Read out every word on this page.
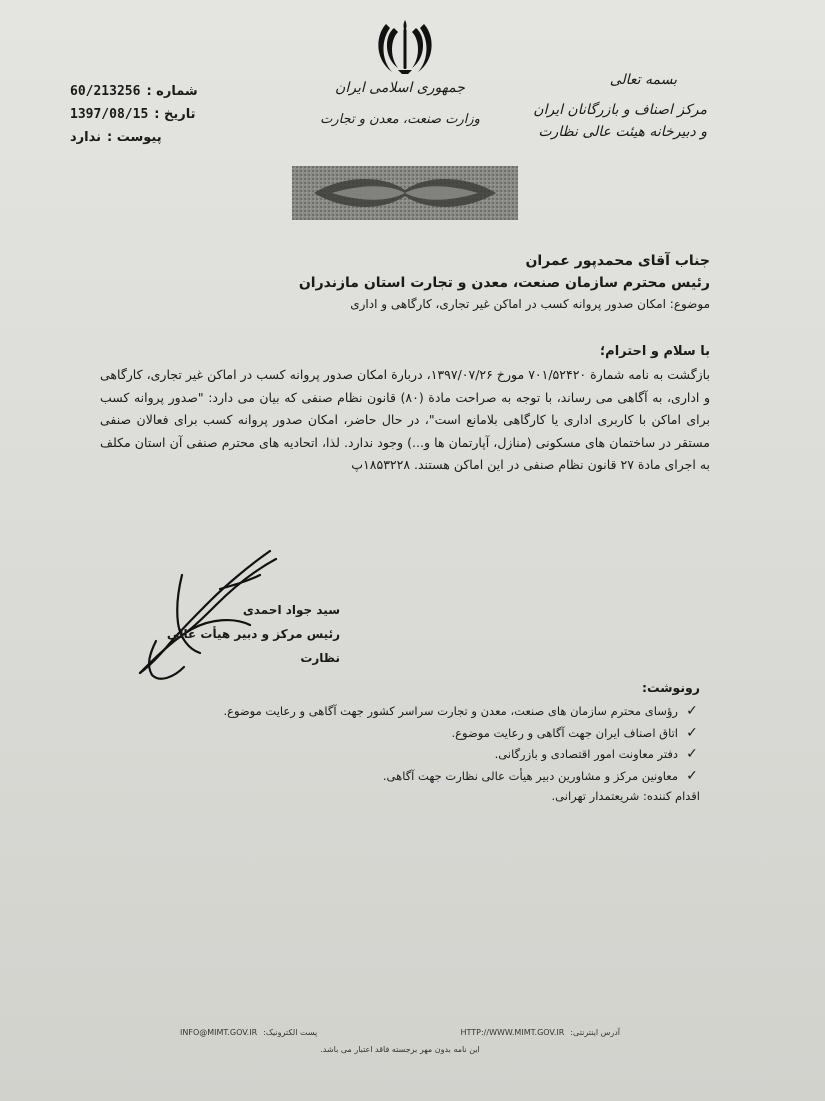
جمهوری اسلامی ایران
وزارت صنعت، معدن و تجارت
بسمه تعالی
مرکز اصناف و بازرگانان ایران
و دبیرخانه هیئت عالی نظارت
شماره :
60/213256
تاریخ :
1397/08/15
پیوست :
ندارد
جناب آقای محمدپور عمران
رئیس محترم سازمان صنعت، معدن و تجارت استان مازندران
موضوع: امکان صدور پروانه کسب در اماکن غیر تجاری، کارگاهی و اداری
با سلام و احترام؛
بازگشت به نامه شمارة ۷۰۱/۵۲۴۲۰ مورخ ۱۳۹۷/۰۷/۲۶، دربارة امکان صدور پروانه کسب در اماکن غیر تجاری، کارگاهی و اداری، به آگاهی می رساند، با توجه به صراحت مادة (۸۰) قانون نظام صنفی که بیان می دارد: "صدور پروانه کسب برای اماکن با کاربری اداری یا کارگاهی بلامانع است"، در حال حاضر، امکان صدور پروانه کسب برای فعالان صنفی مستقر در ساختمان های مسکونی (منازل، آپارتمان ها و...) وجود ندارد. لذا، اتحادیه های محترم صنفی آن استان مکلف به اجرای مادة ۲۷ قانون نظام صنفی در این اماکن هستند. ۱۸۵۳۲۲۸پ
سید جواد احمدی
رئیس مرکز و دبیر هیأت عالی نظارت
رونوشت:
✓
رؤسای محترم سازمان های صنعت، معدن و تجارت سراسر کشور جهت آگاهی و رعایت موضوع.
✓
اتاق اصناف ایران جهت آگاهی و رعایت موضوع.
✓
دفتر معاونت امور اقتصادی و بازرگانی.
✓
معاونین مرکز و مشاورین دبیر هیأت عالی نظارت جهت آگاهی.
اقدام کننده: شریعتمدار تهرانی.
آدرس اینترنتی:
HTTP://WWW.MIMT.GOV.IR
پست الکترونیک:
INFO@MIMT.GOV.IR
این نامه بدون مهر برجسته فاقد اعتبار می باشد.
